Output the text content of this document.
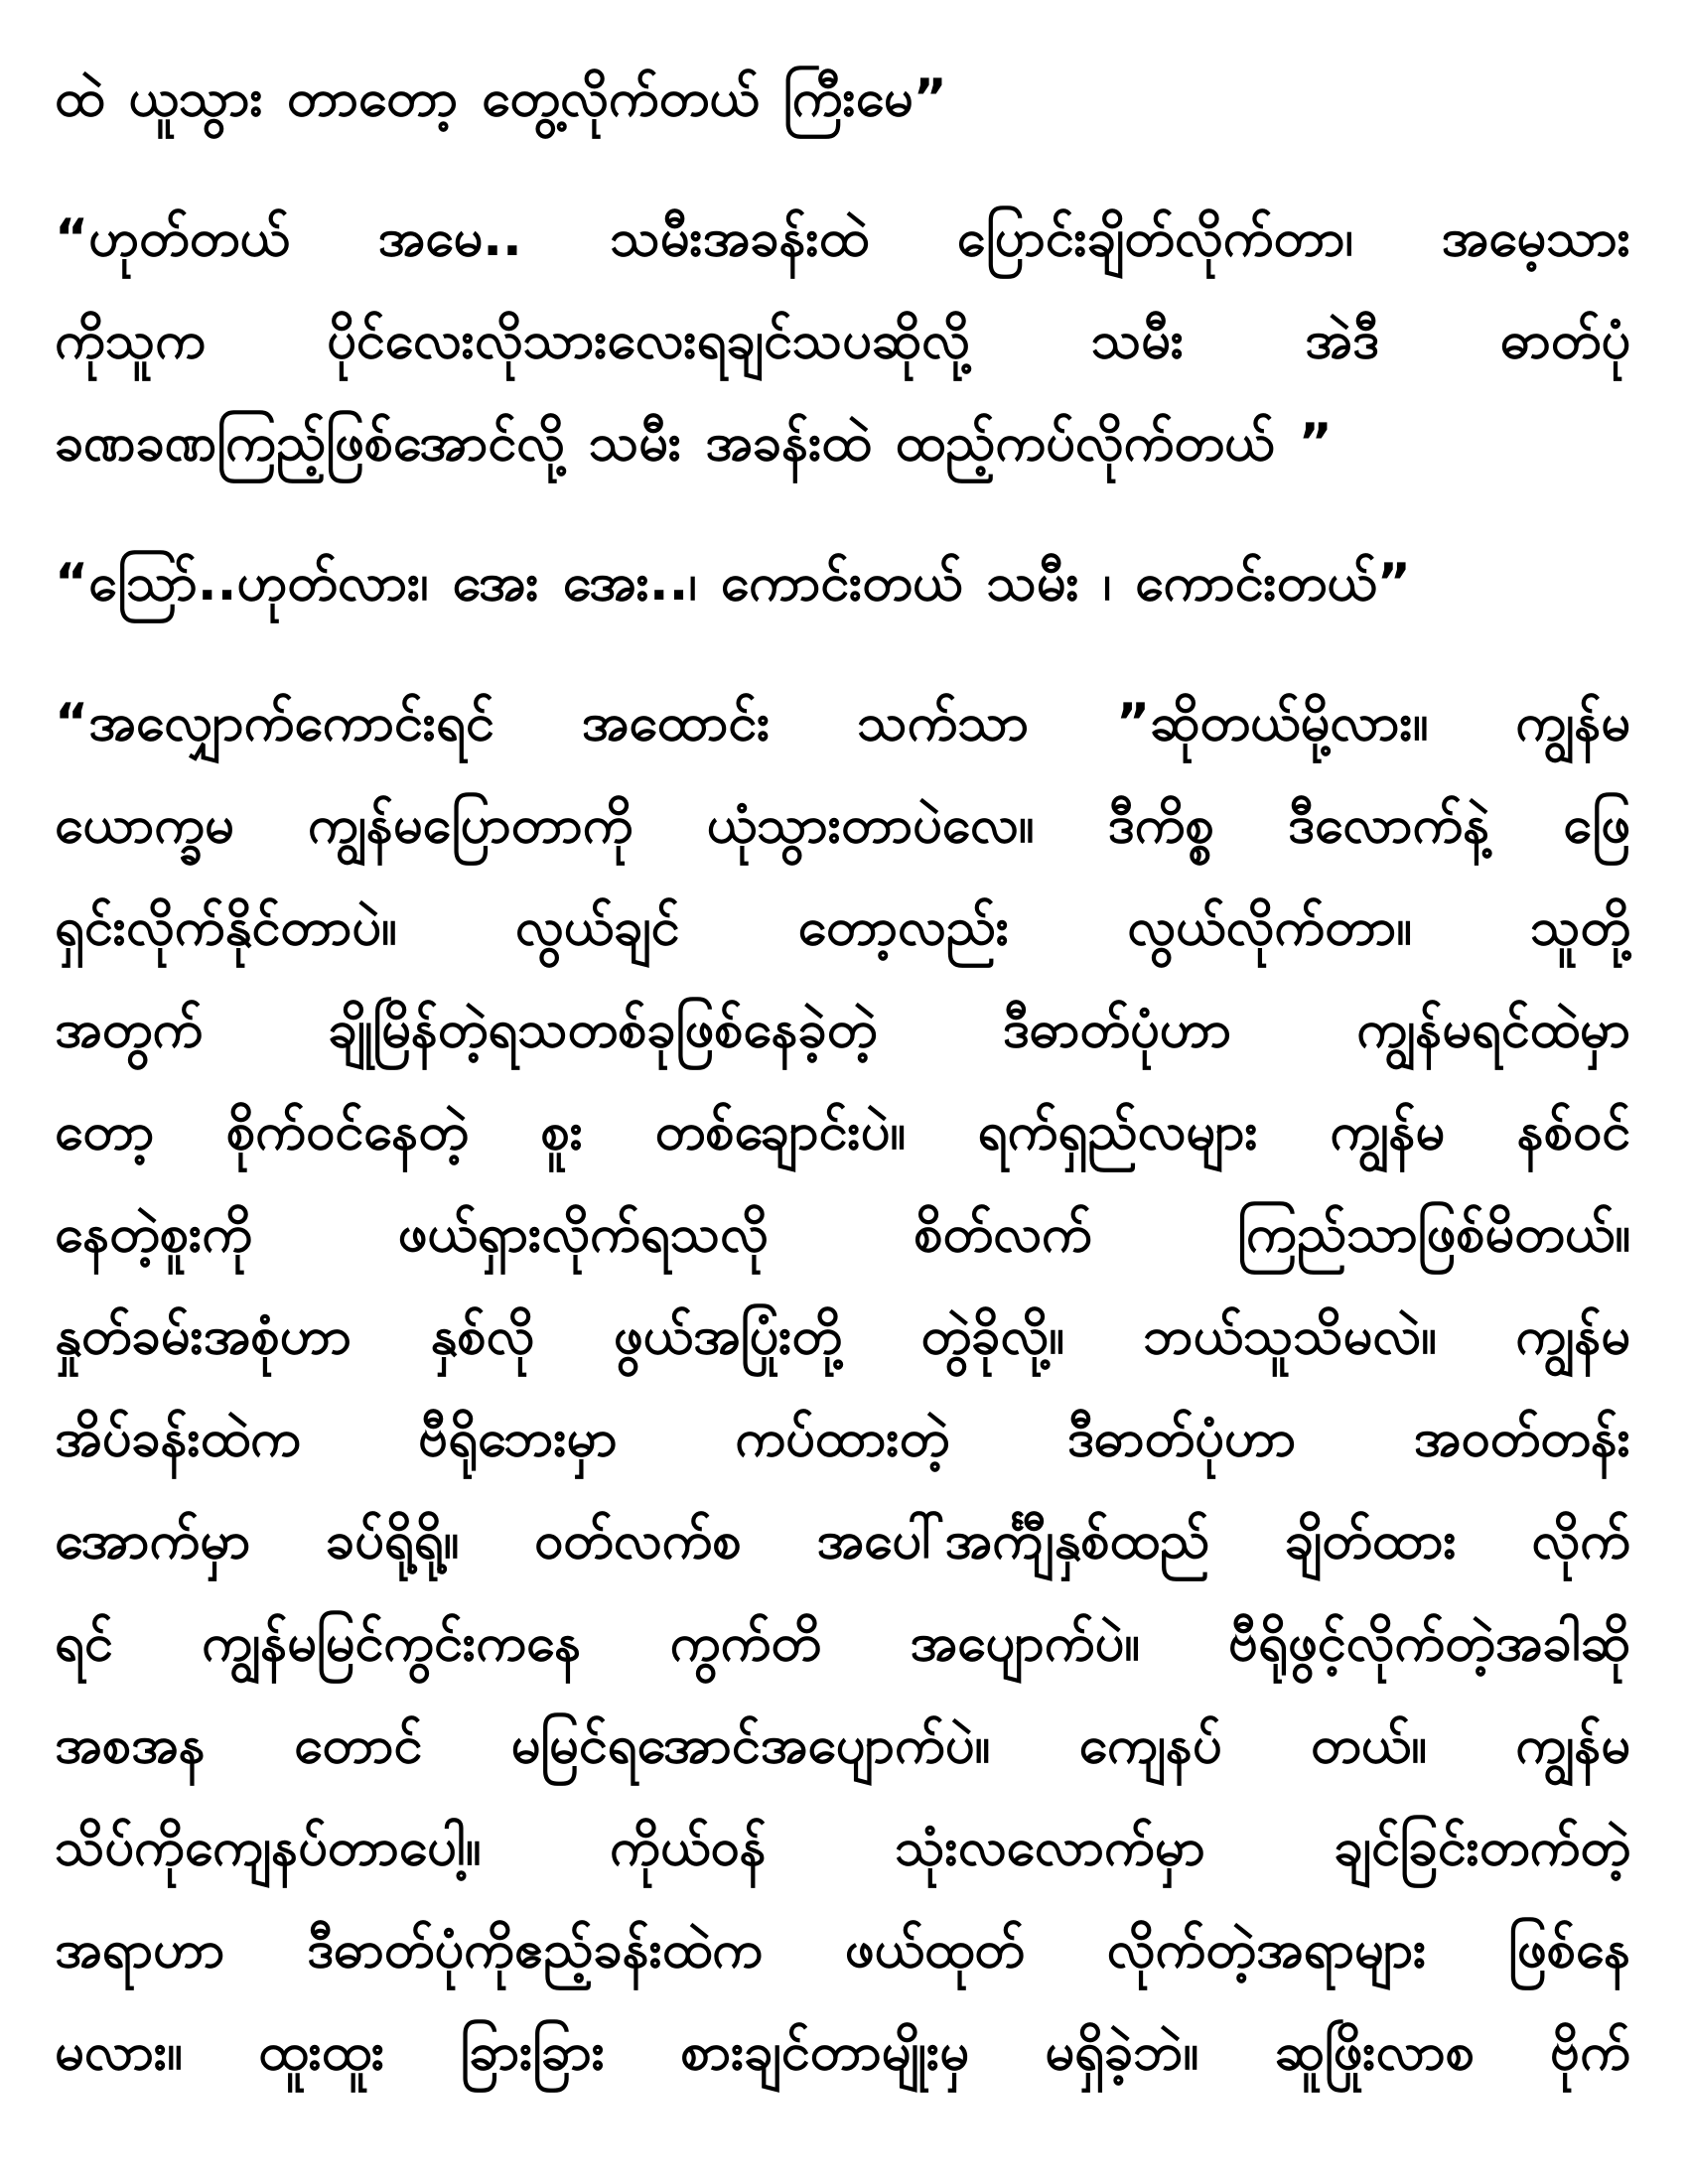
ထဲ ယူသွား တာတော့ တွေ့လိုက်တယ် ကြီးမေ”
“ဟုတ်တယ် အမေ.. သမီးအခန်းထဲ ပြောင်းချိတ်လိုက်တာ၊ အမေ့သား
ကိုသူက ပိုင်လေးလိုသားလေးရချင်သပဆိုလို့ သမီး အဲဒီ ဓာတ်ပုံ
ခဏခဏကြည့်ဖြစ်အောင်လို့ သမီး အခန်းထဲ ထည့်ကပ်လိုက်တယ် ”
“ဩော်..ဟုတ်လား၊ အေး အေး..၊ ကောင်းတယ် သမီး ၊ ကောင်းတယ်”
“အလျှောက်ကောင်းရင် အထောင်း သက်သာ ”ဆိုတယ်မို့လား။ ကျွန်မ
ယောက္ခမ ကျွန်မပြောတာကို ယုံသွားတာပဲလေ။ ဒီကိစ္စ ဒီလောက်နဲ့ ဖြေ
ရှင်းလိုက်နိုင်တာပဲ။ လွယ်ချင် တော့လည်း လွယ်လိုက်တာ။ သူတို့
အတွက် ချိုမြိန်တဲ့ရသတစ်ခုဖြစ်နေခဲ့တဲ့ ဒီဓာတ်ပုံဟာ ကျွန်မရင်ထဲမှာ
တော့ စိုက်ဝင်နေတဲ့ စူး တစ်ချောင်းပဲ။ ရက်ရှည်လများ ကျွန်မ နစ်ဝင်
နေတဲ့စူးကို ဖယ်ရှားလိုက်ရသလို စိတ်လက် ကြည်သာဖြစ်မိတယ်။
နှုတ်ခမ်းအစုံဟာ နှစ်လို ဖွယ်အပြုံးတို့ တွဲခိုလို့။ ဘယ်သူသိမလဲ။ ကျွန်မ
အိပ်ခန်းထဲက ဗီရိုဘေးမှာ ကပ်ထားတဲ့ ဒီဓာတ်ပုံဟာ အဝတ်တန်း
အောက်မှာ ခပ်ရို့ရို့။ ဝတ်လက်စ အပေါ်အင်္ကျီနှစ်ထည် ချိတ်ထား လိုက်
ရင် ကျွန်မမြင်ကွင်းကနေ ကွက်တိ အပျောက်ပဲ။ ဗီရိုဖွင့်လိုက်တဲ့အခါဆို
အစအန တောင် မမြင်ရအောင်အပျောက်ပဲ။ ကျေနပ် တယ်။ ကျွန်မ
သိပ်ကိုကျေနပ်တာပေါ့။ ကိုယ်ဝန် သုံးလလောက်မှာ ချင်ခြင်းတက်တဲ့
အရာဟာ ဒီဓာတ်ပုံကိုဧည့်ခန်းထဲက ဖယ်ထုတ် လိုက်တဲ့အရာများ ဖြစ်နေ
မလား။ ထူးထူး ခြားခြား စားချင်တာမျိုးမှ မရှိခဲ့ဘဲ။ ဆူဖြိုးလာစ ဗိုက်
